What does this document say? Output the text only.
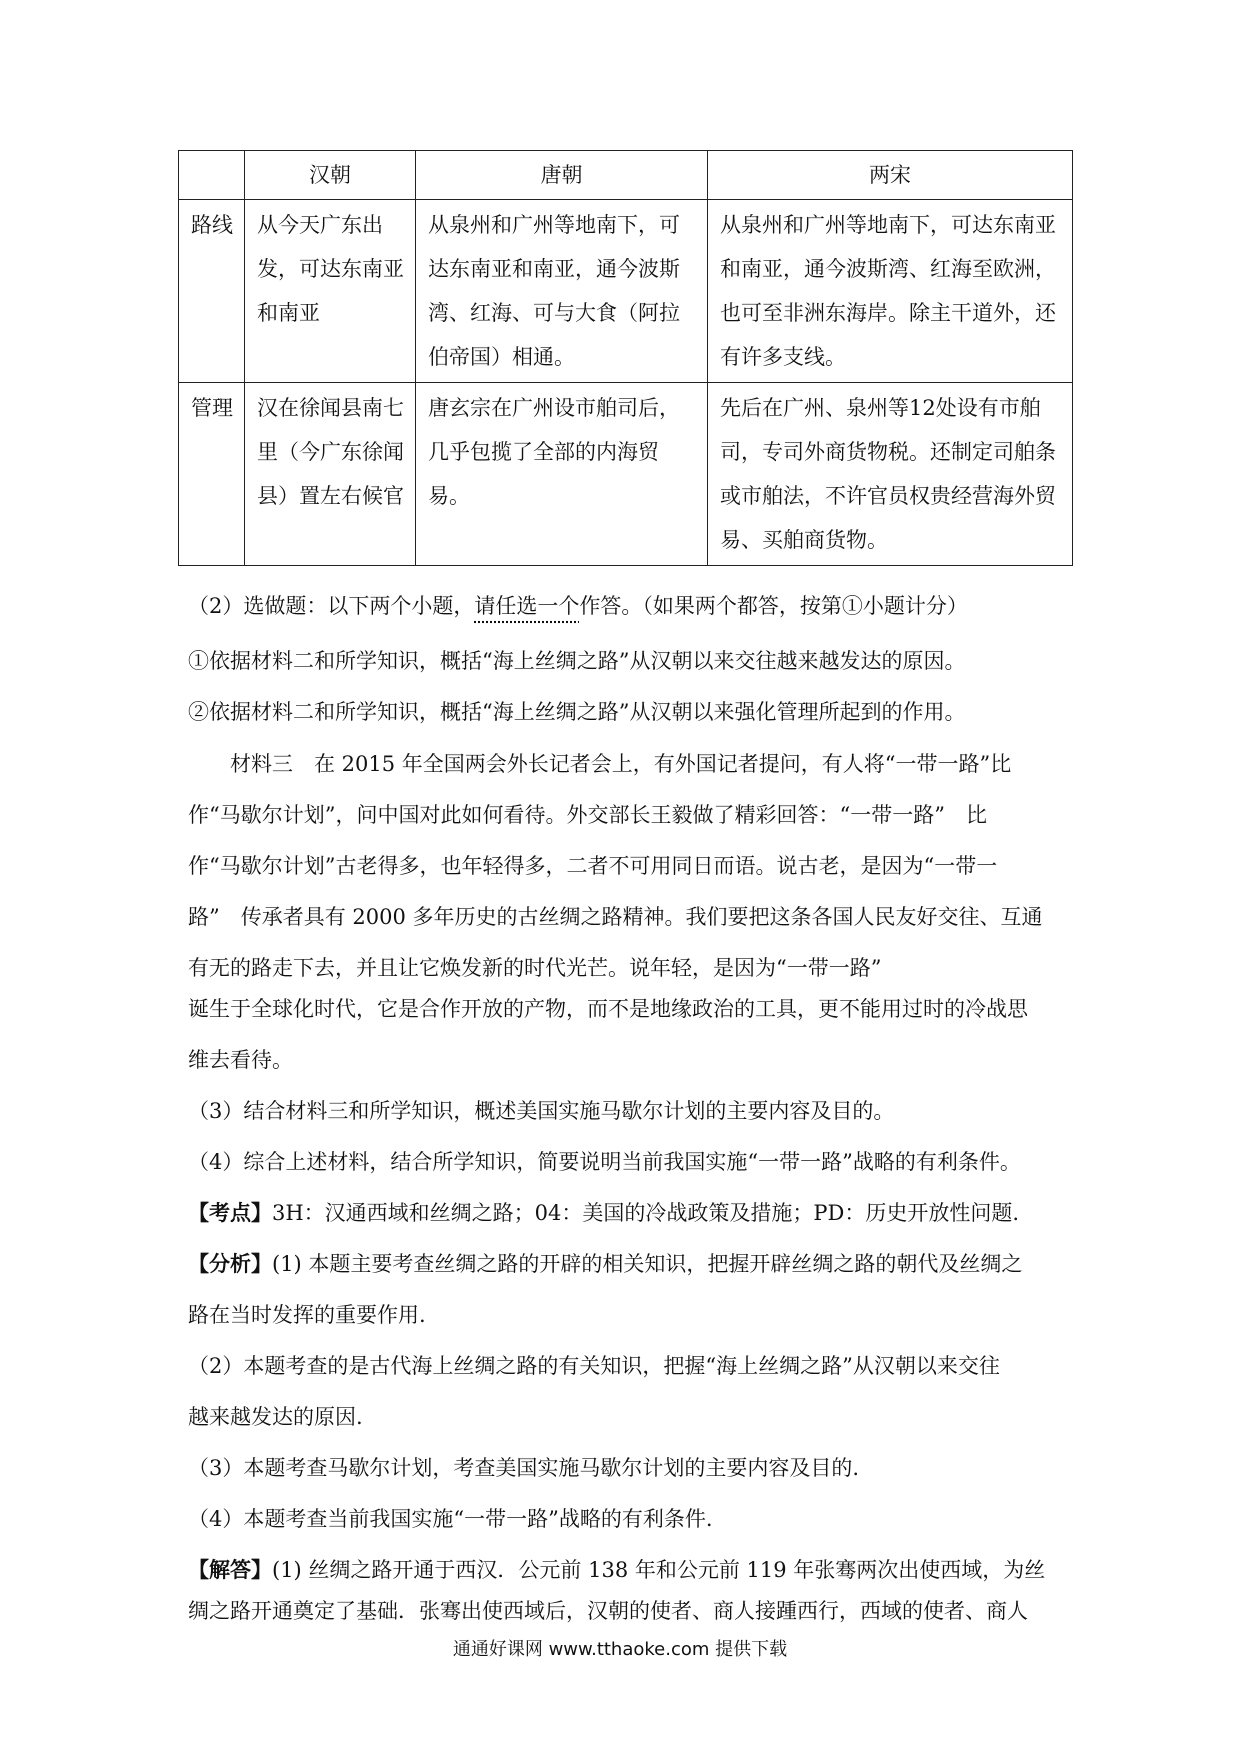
	汉朝	唐朝	两宋
路线	从今天广东出发，可达东南亚和南亚	从泉州和广州等地南下，可达东南亚和南亚，通今波斯湾、红海、可与大食（阿拉伯帝国）相通。	从泉州和广州等地南下，可达东南亚和南亚，通今波斯湾、红海至欧洲，也可至非洲东海岸。除主干道外，还有许多支线。
管理	汉在徐闻县南七里（今广东徐闻县）置左右候官	唐玄宗在广州设市舶司后，几乎包揽了全部的内海贸易。	先后在广州、泉州等12处设有市舶司，专司外商货物税。还制定司舶条或市舶法，不许官员权贵经营海外贸易、买舶商货物。
（2）选做题：以下两个小题，请任选一个作答。（如果两个都答，按第①小题计分）
①依据材料二和所学知识，概括“海上丝绸之路”从汉朝以来交往越来越发达的原因。
②依据材料二和所学知识，概括“海上丝绸之路”从汉朝以来强化管理所起到的作用。
材料三　在 2015 年全国两会外长记者会上，有外国记者提问，有人将“一带一路”比
作“马歇尔计划”，问中国对此如何看待。外交部长王毅做了精彩回答：“一带一路”　比
作“马歇尔计划”古老得多，也年轻得多，二者不可用同日而语。说古老，是因为“一带一
路”　传承者具有 2000 多年历史的古丝绸之路精神。我们要把这条各国人民友好交往、互通
有无的路走下去，并且让它焕发新的时代光芒。说年轻，是因为“一带一路”
诞生于全球化时代，它是合作开放的产物，而不是地缘政治的工具，更不能用过时的冷战思
维去看待。
（3）结合材料三和所学知识，概述美国实施马歇尔计划的主要内容及目的。
（4）综合上述材料，结合所学知识，简要说明当前我国实施“一带一路”战略的有利条件。
【考点】3H：汉通西域和丝绸之路；04：美国的冷战政策及措施；PD：历史开放性问题.
【分析】(1) 本题主要考查丝绸之路的开辟的相关知识，把握开辟丝绸之路的朝代及丝绸之
路在当时发挥的重要作用.
（2）本题考查的是古代海上丝绸之路的有关知识，把握“海上丝绸之路”从汉朝以来交往
越来越发达的原因.
（3）本题考查马歇尔计划，考查美国实施马歇尔计划的主要内容及目的.
（4）本题考查当前我国实施“一带一路”战略的有利条件.
【解答】(1) 丝绸之路开通于西汉．公元前 138 年和公元前 119 年张骞两次出使西域，为丝
绸之路开通奠定了基础．张骞出使西域后，汉朝的使者、商人接踵西行，西域的使者、商人
通通好课网 www.tthaoke.com 提供下载
